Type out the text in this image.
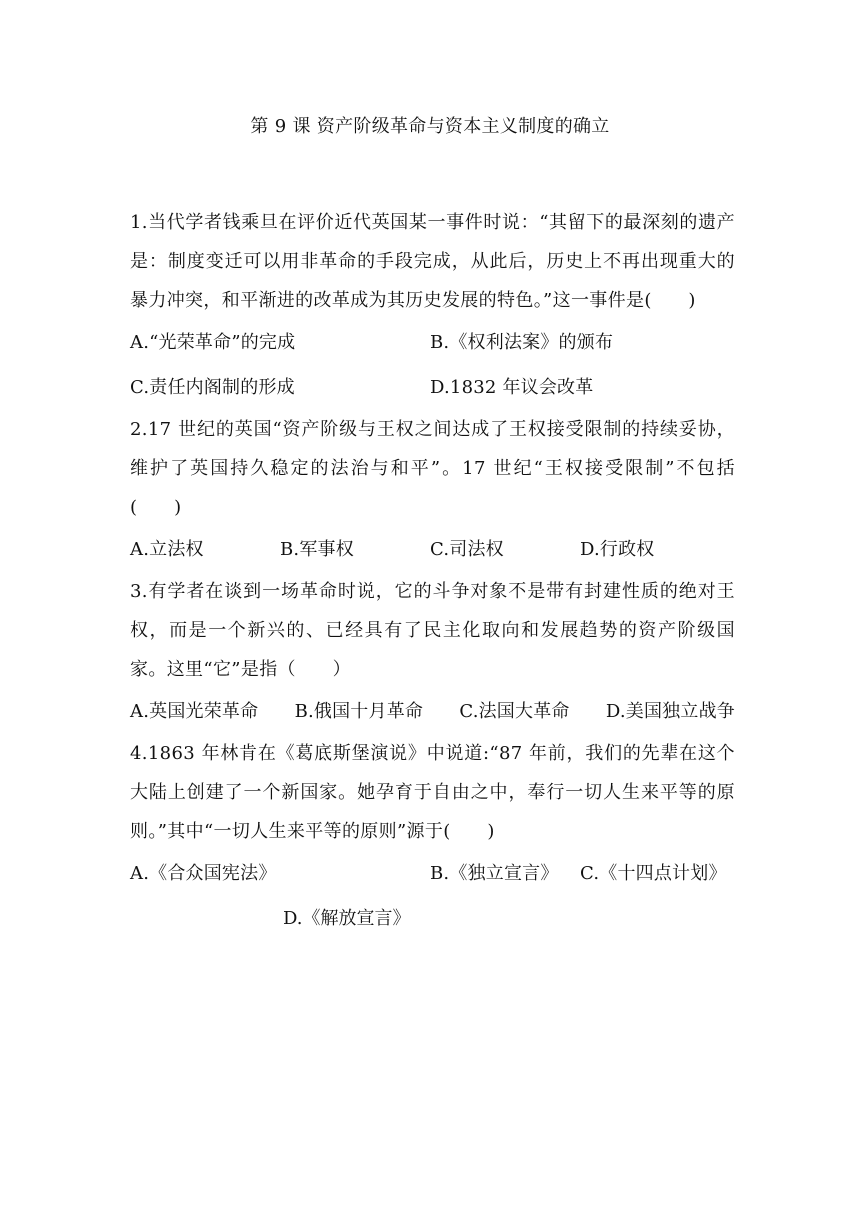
第 9 课 资产阶级革命与资本主义制度的确立

1.当代学者钱乘旦在评价近代英国某一事件时说：“其留下的最深刻的遗产是：制度变迁可以用非革命的手段完成，从此后，历史上不再出现重大的暴力冲突，和平渐进的改革成为其历史发展的特色。”这一事件是(　　)

A.“光荣革命”的完成	B.《权利法案》的颁布
C.责任内阁制的形成	D.1832 年议会改革

2.17 世纪的英国“资产阶级与王权之间达成了王权接受限制的持续妥协，维护了英国持久稳定的法治与和平”。17 世纪“王权接受限制”不包括(　　)

A.立法权	B.军事权	C.司法权	D.行政权

3.有学者在谈到一场革命时说，它的斗争对象不是带有封建性质的绝对王权，而是一个新兴的、已经具有了民主化取向和发展趋势的资产阶级国家。这里“它”是指（　　）

A.英国光荣革命 B.俄国十月革命 C.法国大革命 D.美国独立战争

4.1863 年林肯在《葛底斯堡演说》中说道:“87 年前，我们的先辈在这个大陆上创建了一个新国家。她孕育于自由之中，奉行一切人生来平等的原则。”其中“一切人生来平等的原则”源于(　　)

A.《合众国宪法》	B.《独立宣言》	C.《十四点计划》
D.《解放宣言》
